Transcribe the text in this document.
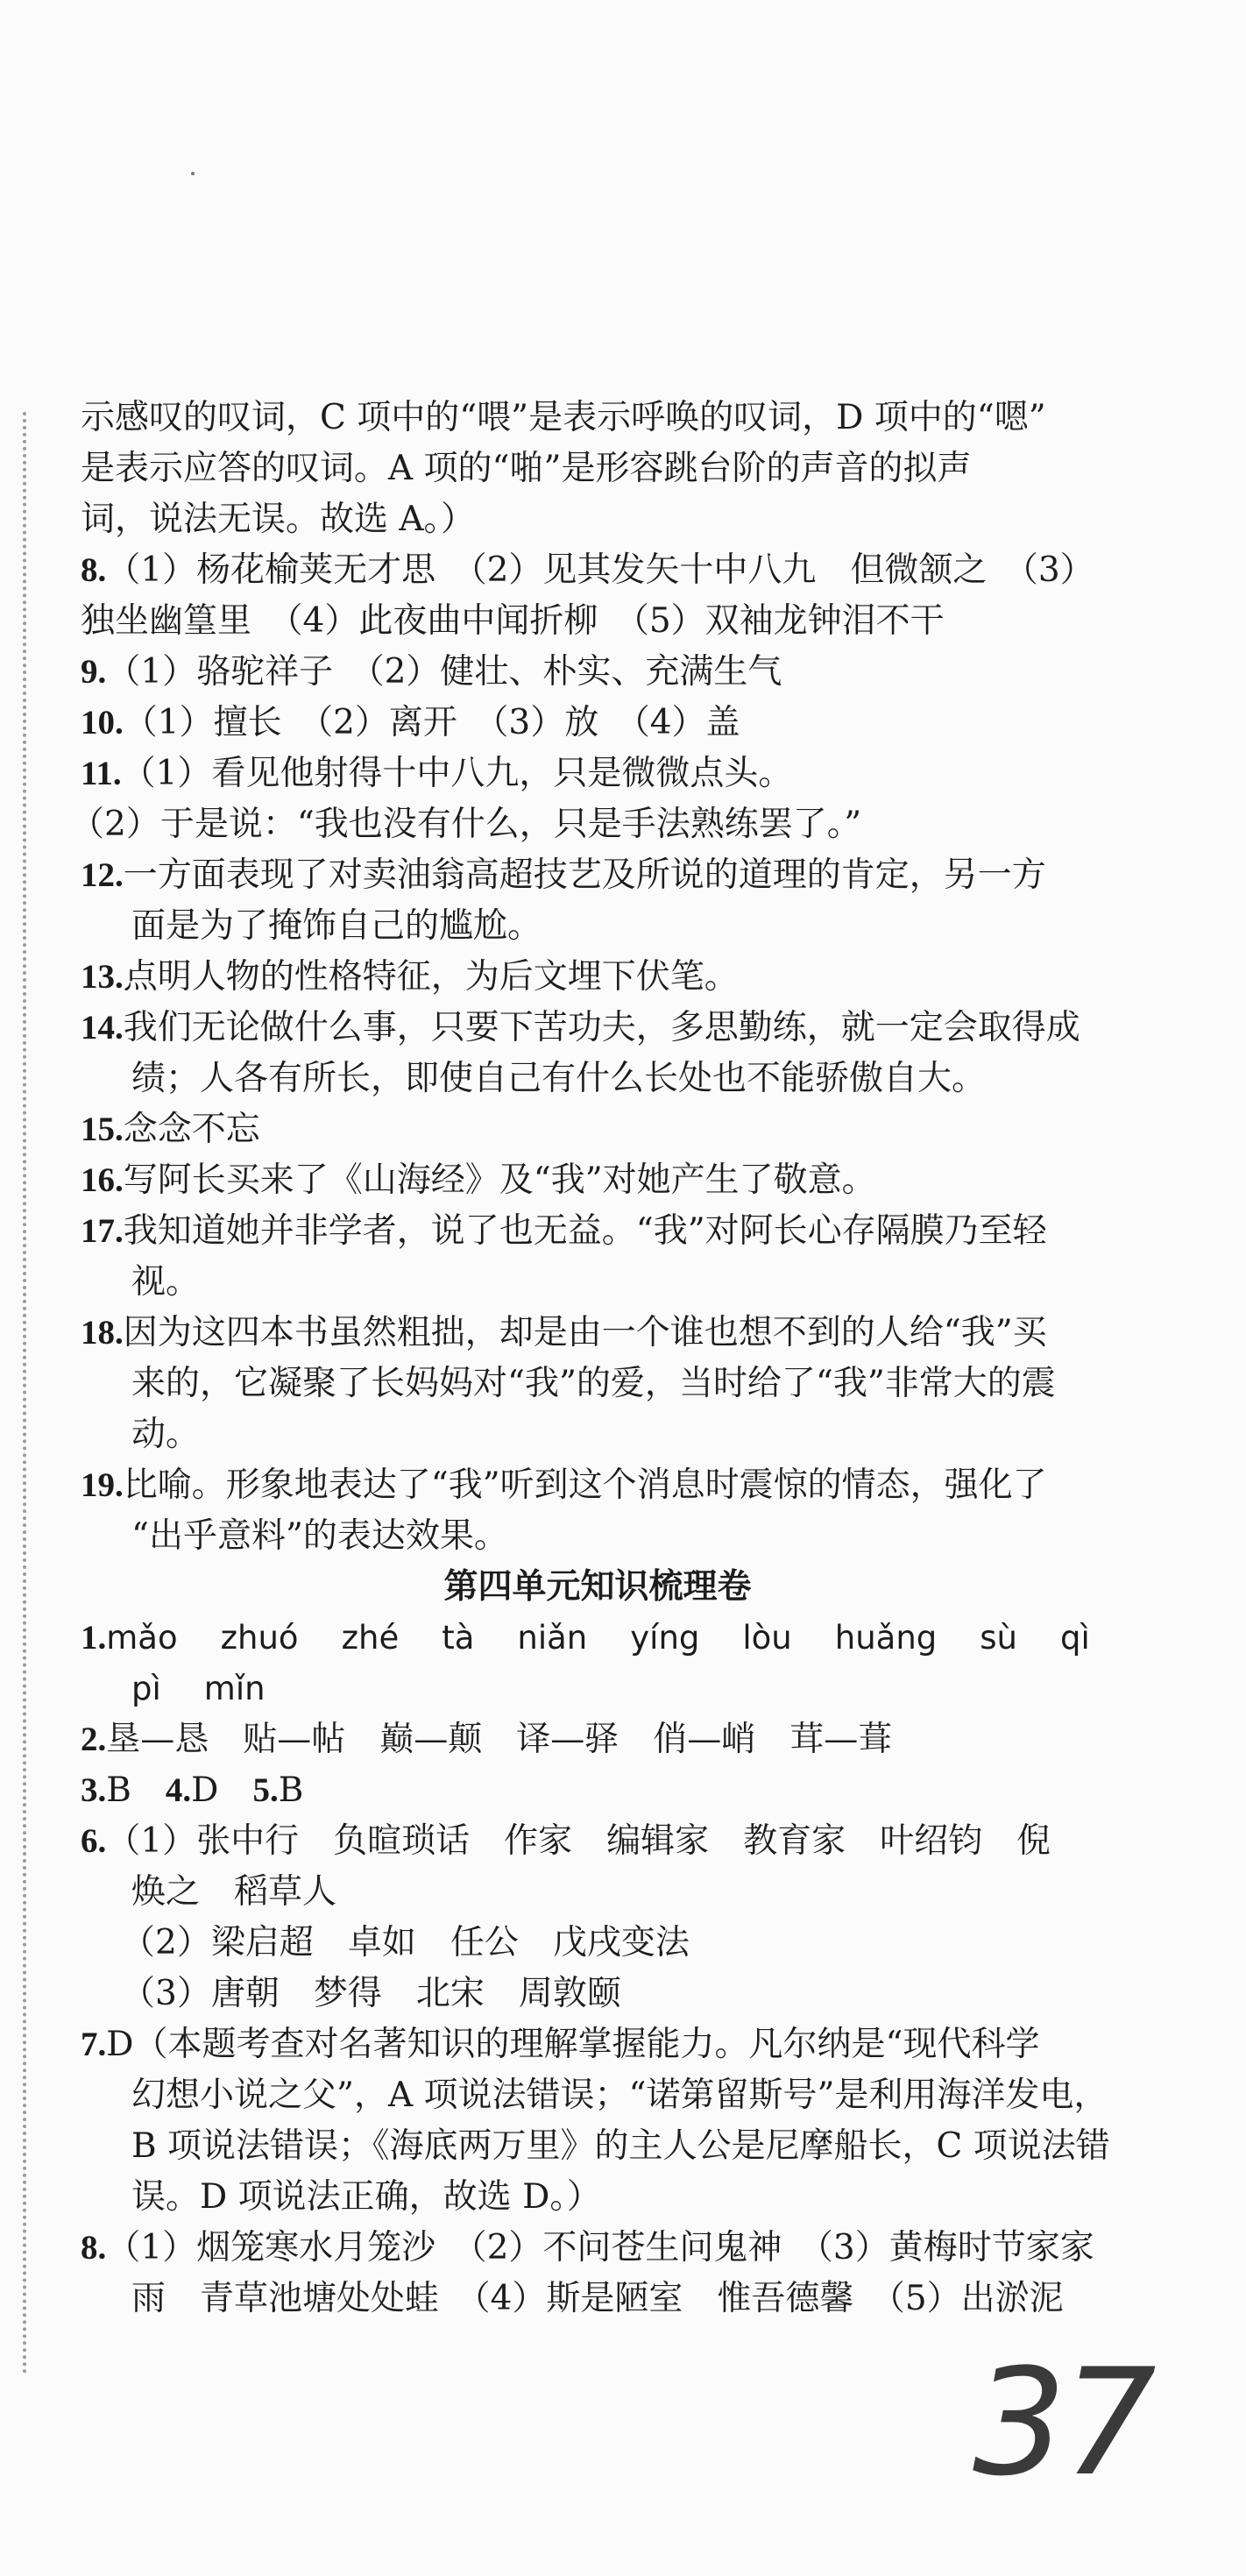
示感叹的叹词，C 项中的“喂”是表示呼唤的叹词，D 项中的“嗯”

是表示应答的叹词。A 项的“啪”是形容跳台阶的声音的拟声

词，说法无误。故选 A。）

8.（1）杨花榆荚无才思　（2）见其发矢十中八九　但微颔之　（3）

独坐幽篁里　（4）此夜曲中闻折柳　（5）双袖龙钟泪不干

9.（1）骆驼祥子　（2）健壮、朴实、充满生气

10.（1）擅长　（2）离开　（3）放　（4）盖

11.（1）看见他射得十中八九，只是微微点头。

（2）于是说：“我也没有什么，只是手法熟练罢了。”

12.一方面表现了对卖油翁高超技艺及所说的道理的肯定，另一方

面是为了掩饰自己的尴尬。

13.点明人物的性格特征，为后文埋下伏笔。

14.我们无论做什么事，只要下苦功夫，多思勤练，就一定会取得成

绩；人各有所长，即使自己有什么长处也不能骄傲自大。

15.念念不忘

16.写阿长买来了《山海经》及“我”对她产生了敬意。

17.我知道她并非学者，说了也无益。“我”对阿长心存隔膜乃至轻

视。

18.因为这四本书虽然粗拙，却是由一个谁也想不到的人给“我”买

来的，它凝聚了长妈妈对“我”的爱，当时给了“我”非常大的震

动。

19.比喻。形象地表达了“我”听到这个消息时震惊的情态，强化了

“出乎意料”的表达效果。

第四单元知识梳理卷

1.mǎo zhuó zhé tà niǎn yíng lòu huǎng sù qì

pì mǐn

2.垦—恳　贴—帖　巅—颠　译—驿　俏—峭　茸—葺

3.B　4.D　5.B

6.（1）张中行　负暄琐话　作家　编辑家　教育家　叶绍钧　倪

焕之　稻草人

（2）梁启超　卓如　任公　戊戌变法

（3）唐朝　梦得　北宋　周敦颐

7.D（本题考查对名著知识的理解掌握能力。凡尔纳是“现代科学

幻想小说之父”，A 项说法错误；“诺第留斯号”是利用海洋发电，

B 项说法错误；《海底两万里》的主人公是尼摩船长，C 项说法错

误。D 项说法正确，故选 D。）

8.（1）烟笼寒水月笼沙　（2）不问苍生问鬼神　（3）黄梅时节家家

雨　青草池塘处处蛙　（4）斯是陋室　惟吾德馨　（5）出淤泥

37
